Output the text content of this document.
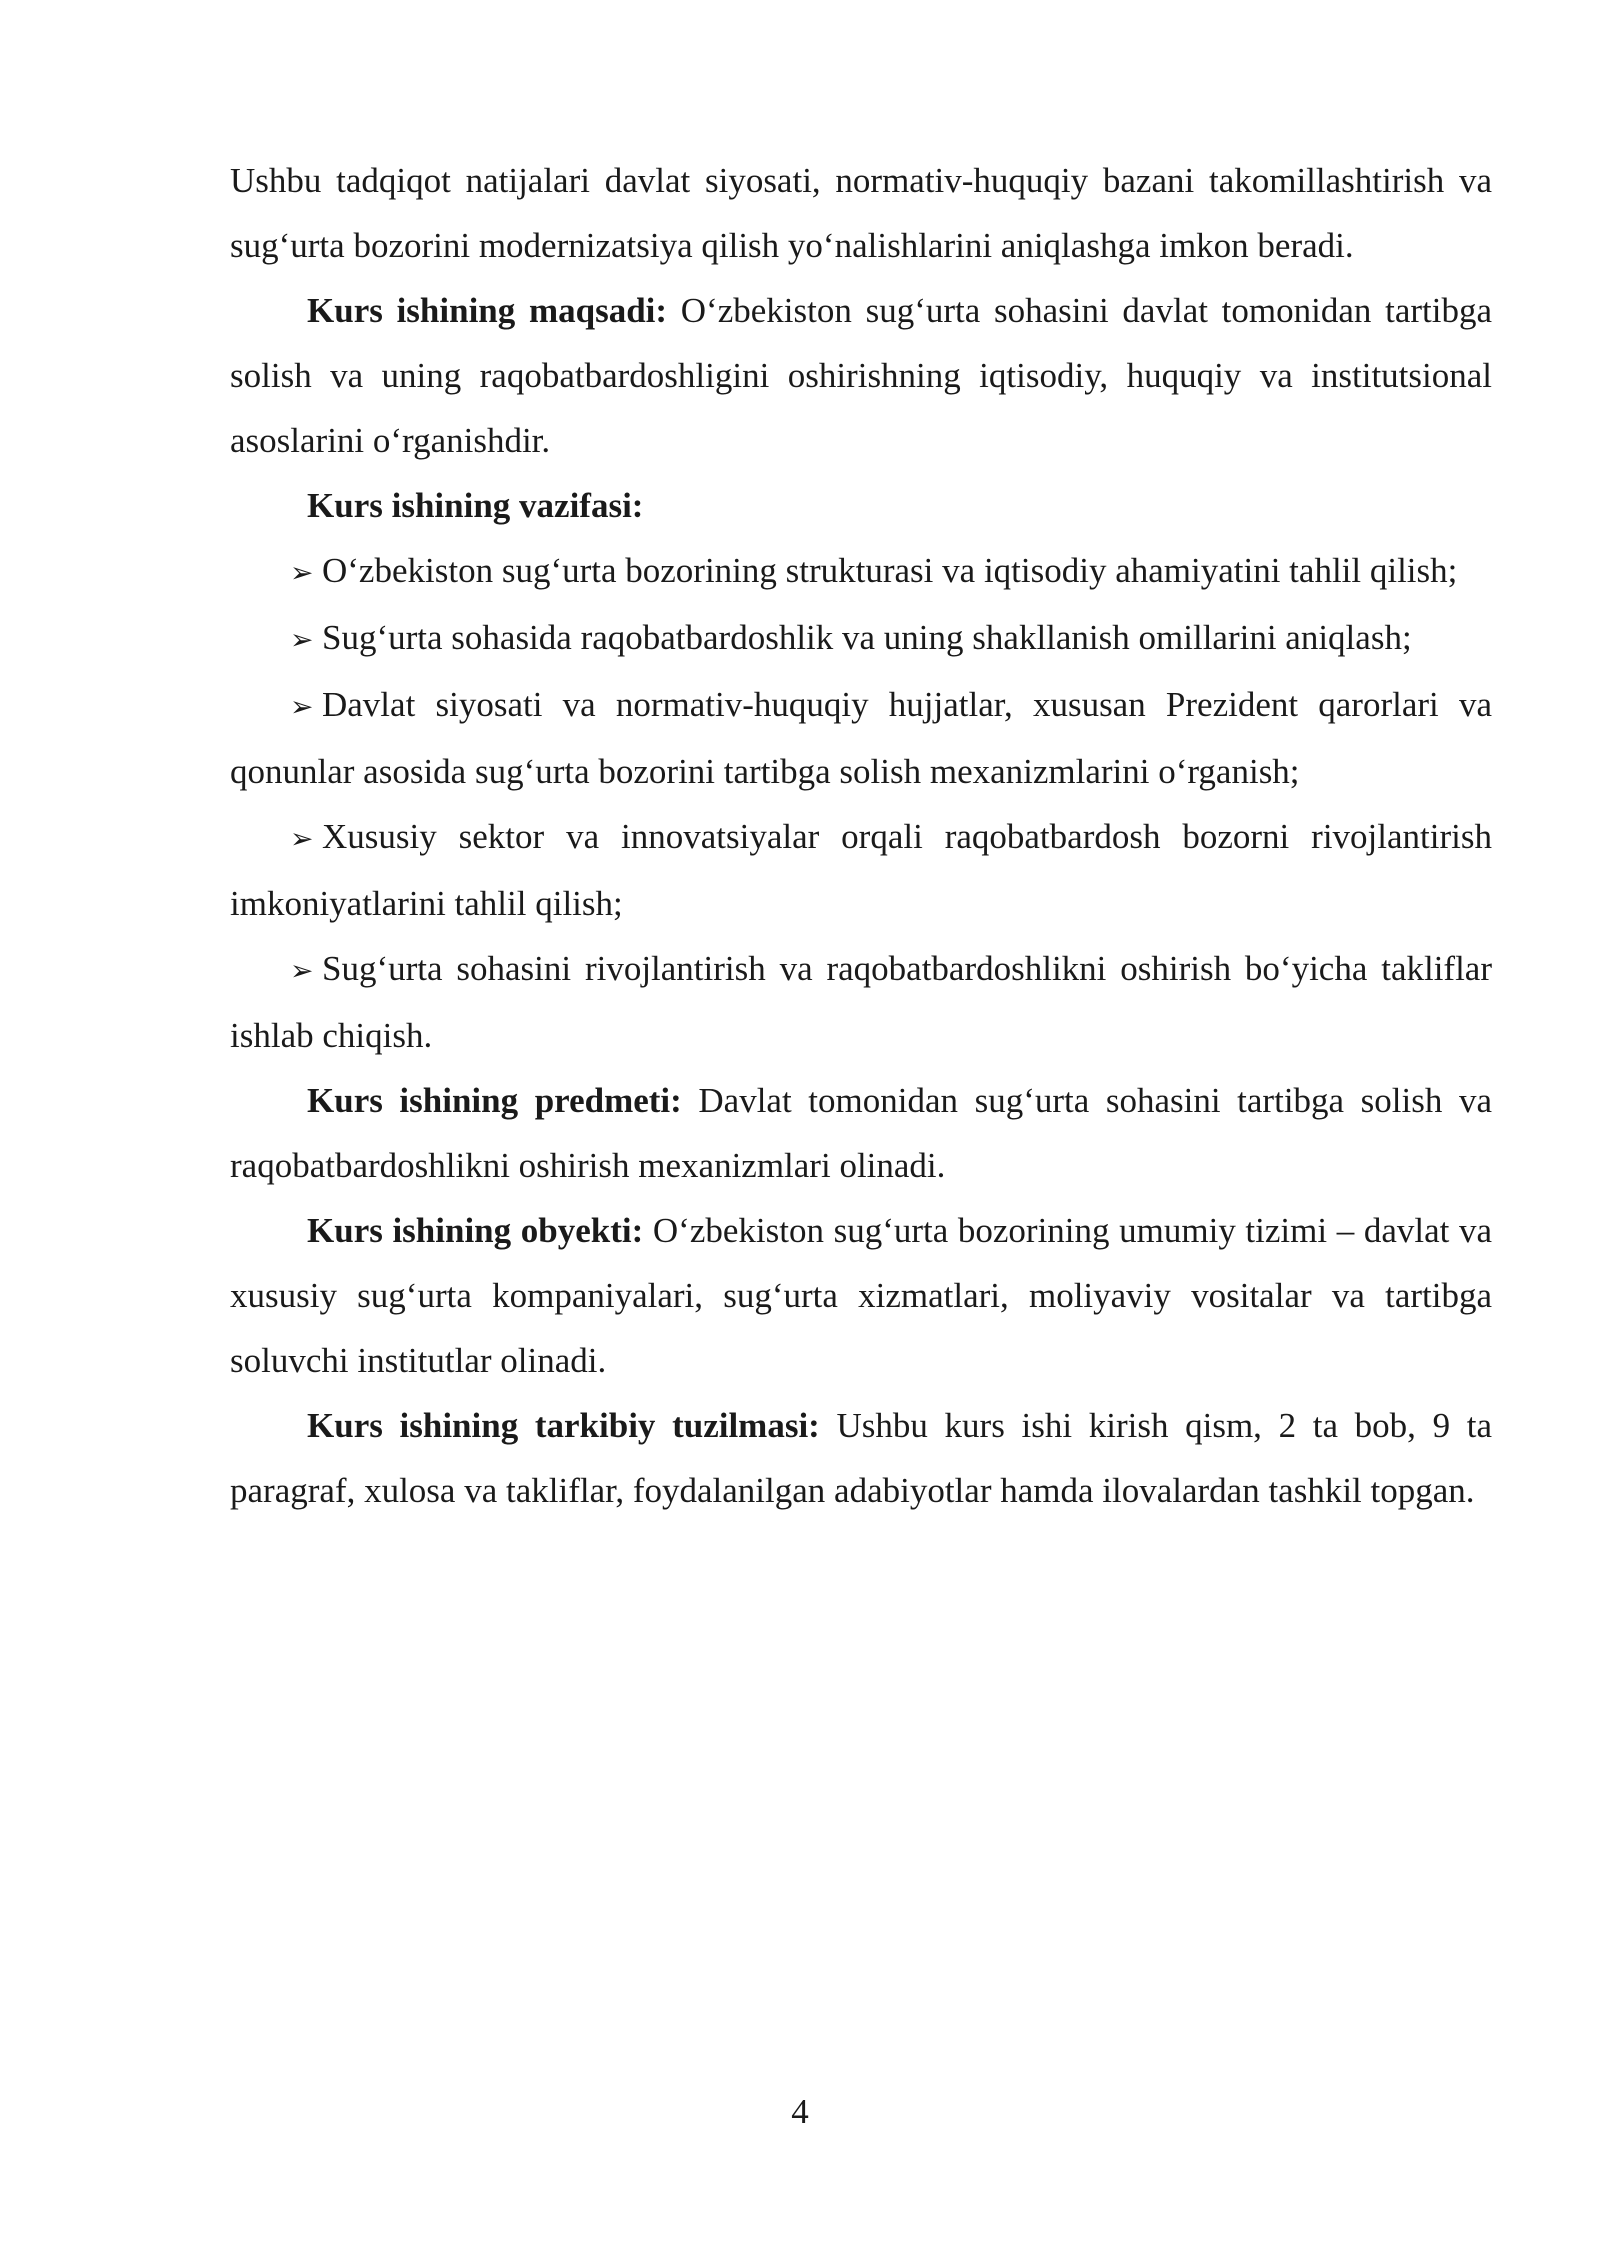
Ushbu tadqiqot natijalari davlat siyosati, normativ-huquqiy bazani takomillashtirish va sug‘urta bozorini modernizatsiya qilish yo‘nalishlarini aniqlashga imkon beradi.

Kurs ishining maqsadi: O‘zbekiston sug‘urta sohasini davlat tomonidan tartibga solish va uning raqobatbardoshligini oshirishning iqtisodiy, huquqiy va institutsional asoslarini o‘rganishdir.

Kurs ishining vazifasi:

➢ O‘zbekiston sug‘urta bozorining strukturasi va iqtisodiy ahamiyatini tahlil qilish;

➢ Sug‘urta sohasida raqobatbardoshlik va uning shakllanish omillarini aniqlash;

➢ Davlat siyosati va normativ-huquqiy hujjatlar, xususan Prezident qarorlari va qonunlar asosida sug‘urta bozorini tartibga solish mexanizmlarini o‘rganish;

➢ Xususiy sektor va innovatsiyalar orqali raqobatbardosh bozorni rivojlantirish imkoniyatlarini tahlil qilish;

➢ Sug‘urta sohasini rivojlantirish va raqobatbardoshlikni oshirish bo‘yicha takliflar ishlab chiqish.

Kurs ishining predmeti: Davlat tomonidan sug‘urta sohasini tartibga solish va raqobatbardoshlikni oshirish mexanizmlari olinadi.

Kurs ishining obyekti: O‘zbekiston sug‘urta bozorining umumiy tizimi – davlat va xususiy sug‘urta kompaniyalari, sug‘urta xizmatlari, moliyaviy vositalar va tartibga soluvchi institutlar olinadi.

Kurs ishining tarkibiy tuzilmasi: Ushbu kurs ishi kirish qism, 2 ta bob, 9 ta paragraf, xulosa va takliflar, foydalanilgan adabiyotlar hamda ilovalardan tashkil topgan.

4
